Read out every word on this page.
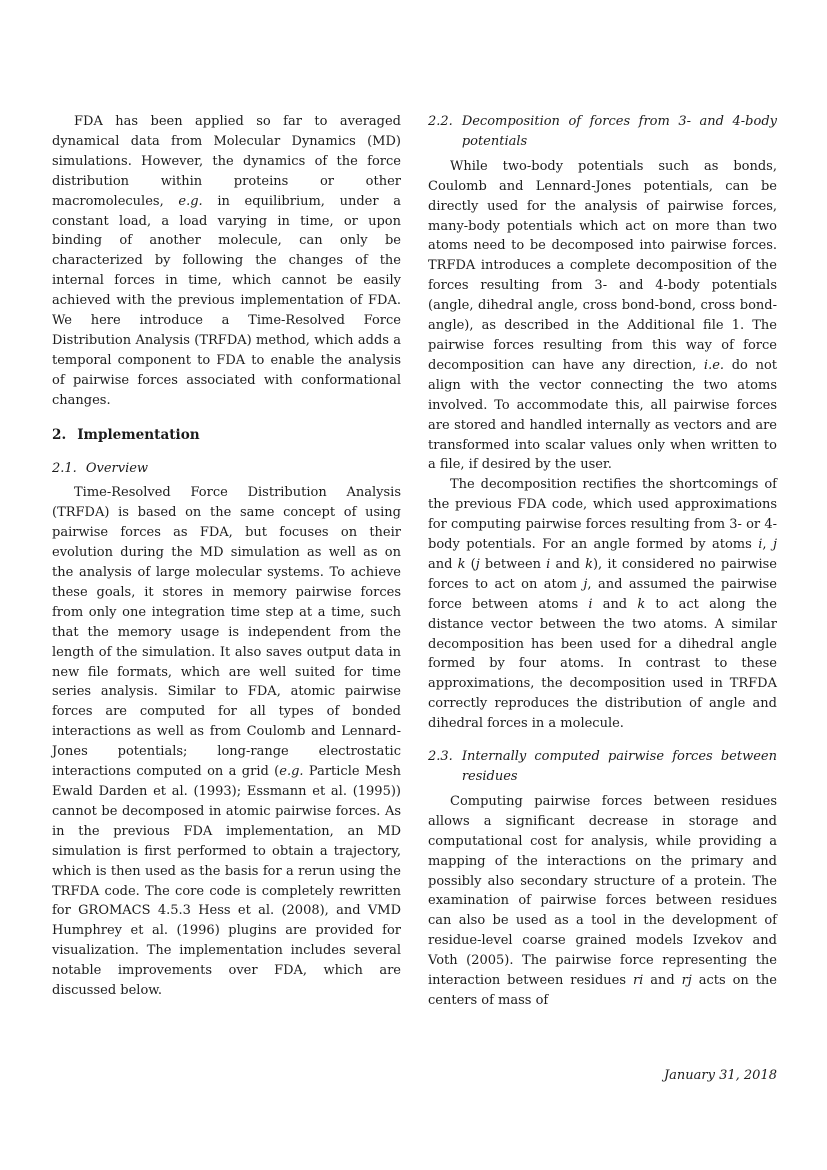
FDA has been applied so far to averaged dynamical data from Molecular Dynamics (MD) simulations. However, the dynamics of the force distribution within proteins or other macromolecules, e.g. in equilibrium, under a constant load, a load varying in time, or upon binding of another molecule, can only be characterized by following the changes of the internal forces in time, which cannot be easily achieved with the previous implementation of FDA. We here introduce a Time-Resolved Force Distribution Analysis (TRFDA) method, which adds a temporal component to FDA to enable the analysis of pairwise forces associated with conformational changes.

2. Implementation
2.1. Overview

Time-Resolved Force Distribution Analysis (TRFDA) is based on the same concept of using pairwise forces as FDA, but focuses on their evolution during the MD simulation as well as on the analysis of large molecular systems. To achieve these goals, it stores in memory pairwise forces from only one integration time step at a time, such that the memory usage is independent from the length of the simulation. It also saves output data in new file formats, which are well suited for time series analysis. Similar to FDA, atomic pairwise forces are computed for all types of bonded interactions as well as from Coulomb and Lennard-Jones potentials; long-range electrostatic interactions computed on a grid (e.g. Particle Mesh Ewald Darden et al. (1993); Essmann et al. (1995)) cannot be decomposed in atomic pairwise forces. As in the previous FDA implementation, an MD simulation is first performed to obtain a trajectory, which is then used as the basis for a rerun using the TRFDA code. The core code is completely rewritten for GROMACS 4.5.3 Hess et al. (2008), and VMD Humphrey et al. (1996) plugins are provided for visualization. The implementation includes several notable improvements over FDA, which are discussed below.

2.2. Decomposition of forces from 3- and 4-body potentials

While two-body potentials such as bonds, Coulomb and Lennard-Jones potentials, can be directly used for the analysis of pairwise forces, many-body potentials which act on more than two atoms need to be decomposed into pairwise forces. TRFDA introduces a complete decomposition of the forces resulting from 3- and 4-body potentials (angle, dihedral angle, cross bond-bond, cross bond-angle), as described in the Additional file 1. The pairwise forces resulting from this way of force decomposition can have any direction, i.e. do not align with the vector connecting the two atoms involved. To accommodate this, all pairwise forces are stored and handled internally as vectors and are transformed into scalar values only when written to a file, if desired by the user.

The decomposition rectifies the shortcomings of the previous FDA code, which used approximations for computing pairwise forces resulting from 3- or 4-body potentials. For an angle formed by atoms i, j and k (j between i and k), it considered no pairwise forces to act on atom j, and assumed the pairwise force between atoms i and k to act along the distance vector between the two atoms. A similar decomposition has been used for a dihedral angle formed by four atoms. In contrast to these approximations, the decomposition used in TRFDA correctly reproduces the distribution of angle and dihedral forces in a molecule.

2.3. Internally computed pairwise forces between residues

Computing pairwise forces between residues allows a significant decrease in storage and computational cost for analysis, while providing a mapping of the interactions on the primary and possibly also secondary structure of a protein. The examination of pairwise forces between residues can also be used as a tool in the development of residue-level coarse grained models Izvekov and Voth (2005). The pairwise force representing the interaction between residues ri and rj acts on the centers of mass of

January 31, 2018
